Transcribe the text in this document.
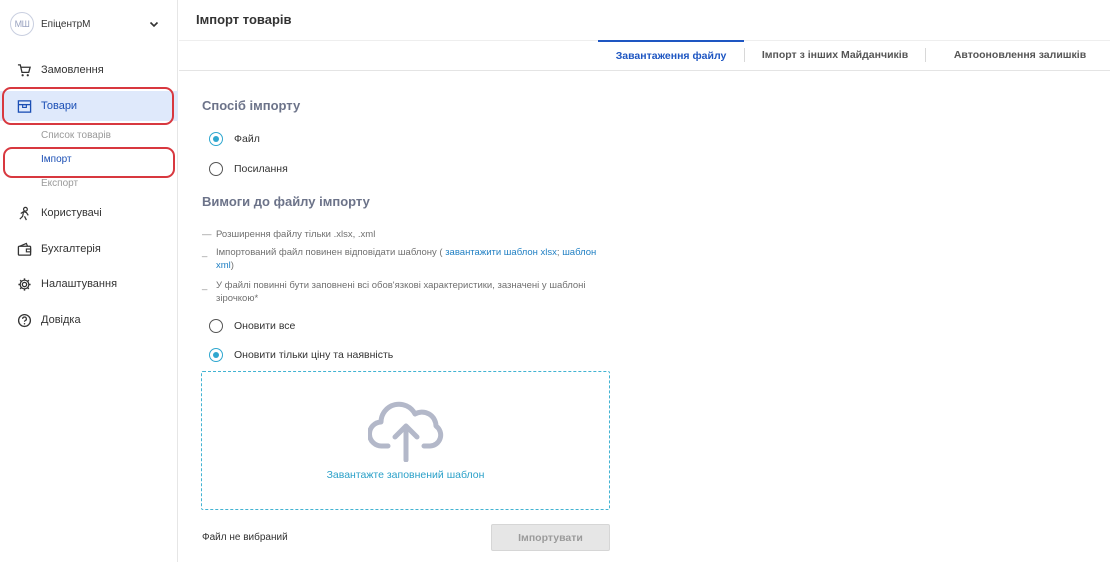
МШ	ЕпіцентрМ
Замовлення
Товари
Список товарів
Імпорт
Експорт
Користувачі
Бухгалтерія
Налаштування
Довідка
Імпорт товарів
Завантаження файлу	Імпорт з інших Майданчиків	Автооновлення залишків
Спосіб імпорту
Файл
Посилання
Вимоги до файлу імпорту
— Розширення файлу тільки .xlsx, .xml
_ Імпортований файл повинен відповідати шаблону ( завантажити шаблон xlsx; шаблон xml)
_ У файлі повинні бути заповнені всі обов'язкові характеристики, зазначені у шаблоні зірочкою*
Оновити все
Оновити тільки ціну та наявність
Завантажте заповнений шаблон
Файл не вибраний	Імпортувати
